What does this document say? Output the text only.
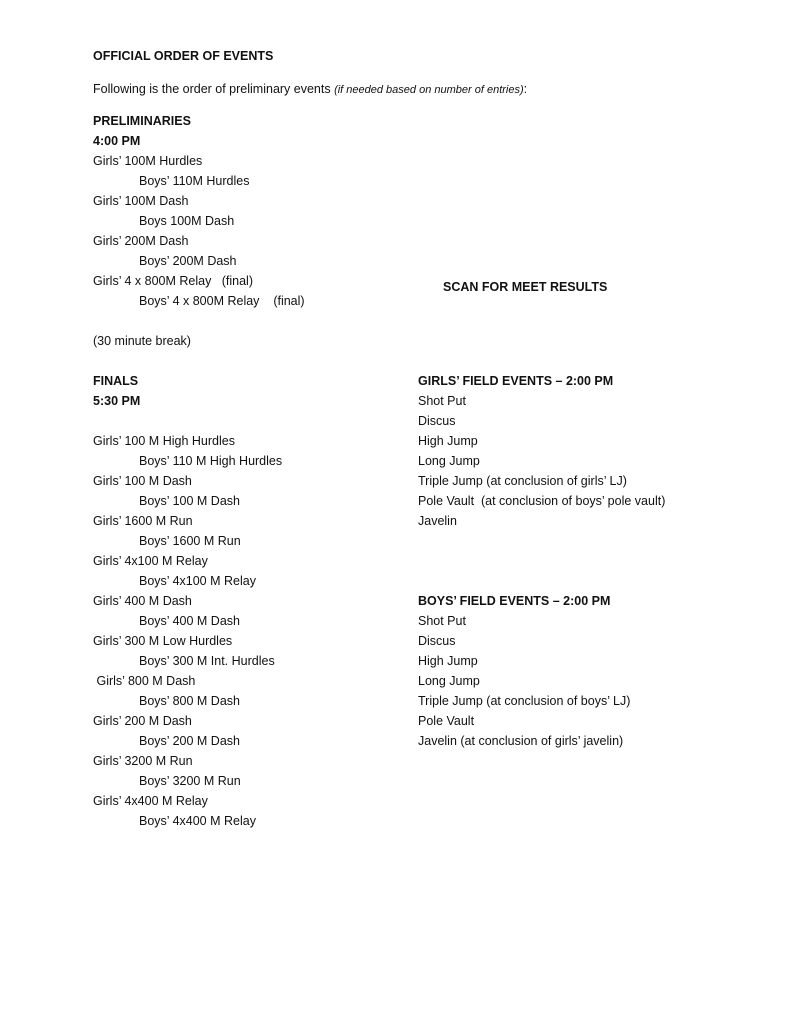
OFFICIAL ORDER OF EVENTS
Following is the order of preliminary events (if needed based on number of entries):
PRELIMINARIES
4:00 PM
Girls’ 100M Hurdles
Boys’ 110M Hurdles
Girls’ 100M Dash
Boys 100M Dash
Girls’ 200M Dash
Boys’ 200M Dash
Girls’ 4 x 800M Relay   (final)
Boys’ 4 x 800M Relay    (final)
SCAN FOR MEET RESULTS
(30 minute break)
FINALS
5:30 PM
Girls’ 100 M High Hurdles
Boys’ 110 M High Hurdles
Girls’ 100 M Dash
Boys’ 100 M Dash
Girls’ 1600 M Run
Boys’ 1600 M Run
Girls’ 4x100 M Relay
Boys’ 4x100 M Relay
Girls’ 400 M Dash
Boys’ 400 M Dash
Girls’ 300 M Low Hurdles
Boys’ 300 M Int. Hurdles
Girls’ 800 M Dash
Boys’ 800 M Dash
Girls’ 200 M Dash
Boys’ 200 M Dash
Girls’ 3200 M Run
Boys’ 3200 M Run
Girls’ 4x400 M Relay
Boys’ 4x400 M Relay
GIRLS’ FIELD EVENTS – 2:00 PM
Shot Put
Discus
High Jump
Long Jump
Triple Jump (at conclusion of girls’ LJ)
Pole Vault  (at conclusion of boys’ pole vault)
Javelin
BOYS’ FIELD EVENTS – 2:00 PM
Shot Put
Discus
High Jump
Long Jump
Triple Jump (at conclusion of boys’ LJ)
Pole Vault
Javelin (at conclusion of girls’ javelin)
